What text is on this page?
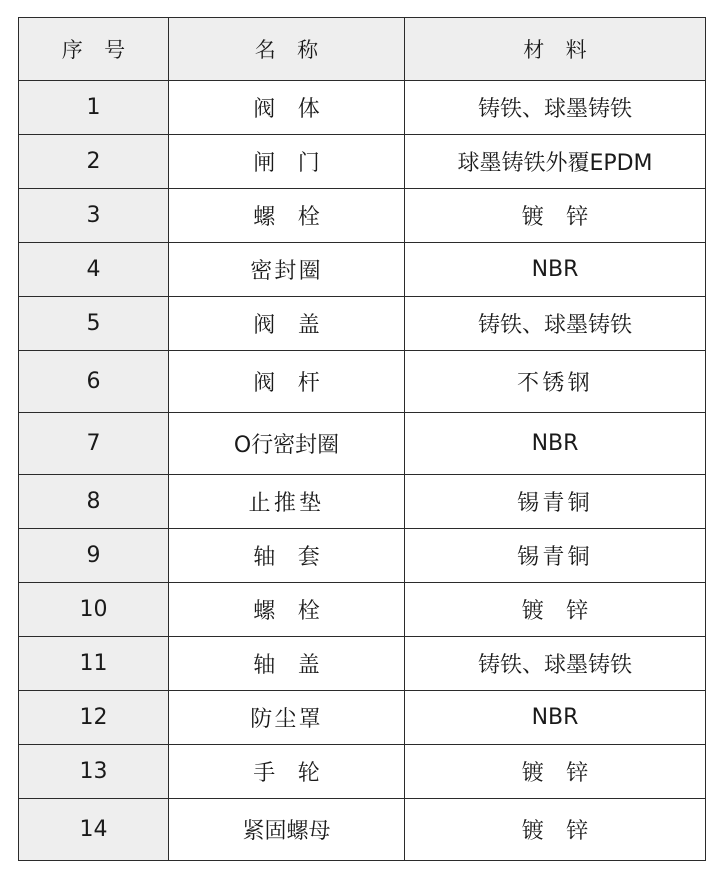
序 号	名 称	材 料
1	阀 体	铸铁、球墨铸铁
2	闸 门	球墨铸铁外覆EPDM
3	螺 栓	镀 锌
4	密封圈	NBR
5	阀 盖	铸铁、球墨铸铁
6	阀 杆	不锈钢
7	O行密封圈	NBR
8	止推垫	锡青铜
9	轴 套	锡青铜
10	螺 栓	镀 锌
11	轴 盖	铸铁、球墨铸铁
12	防尘罩	NBR
13	手 轮	镀 锌
14	紧固螺母	镀 锌
